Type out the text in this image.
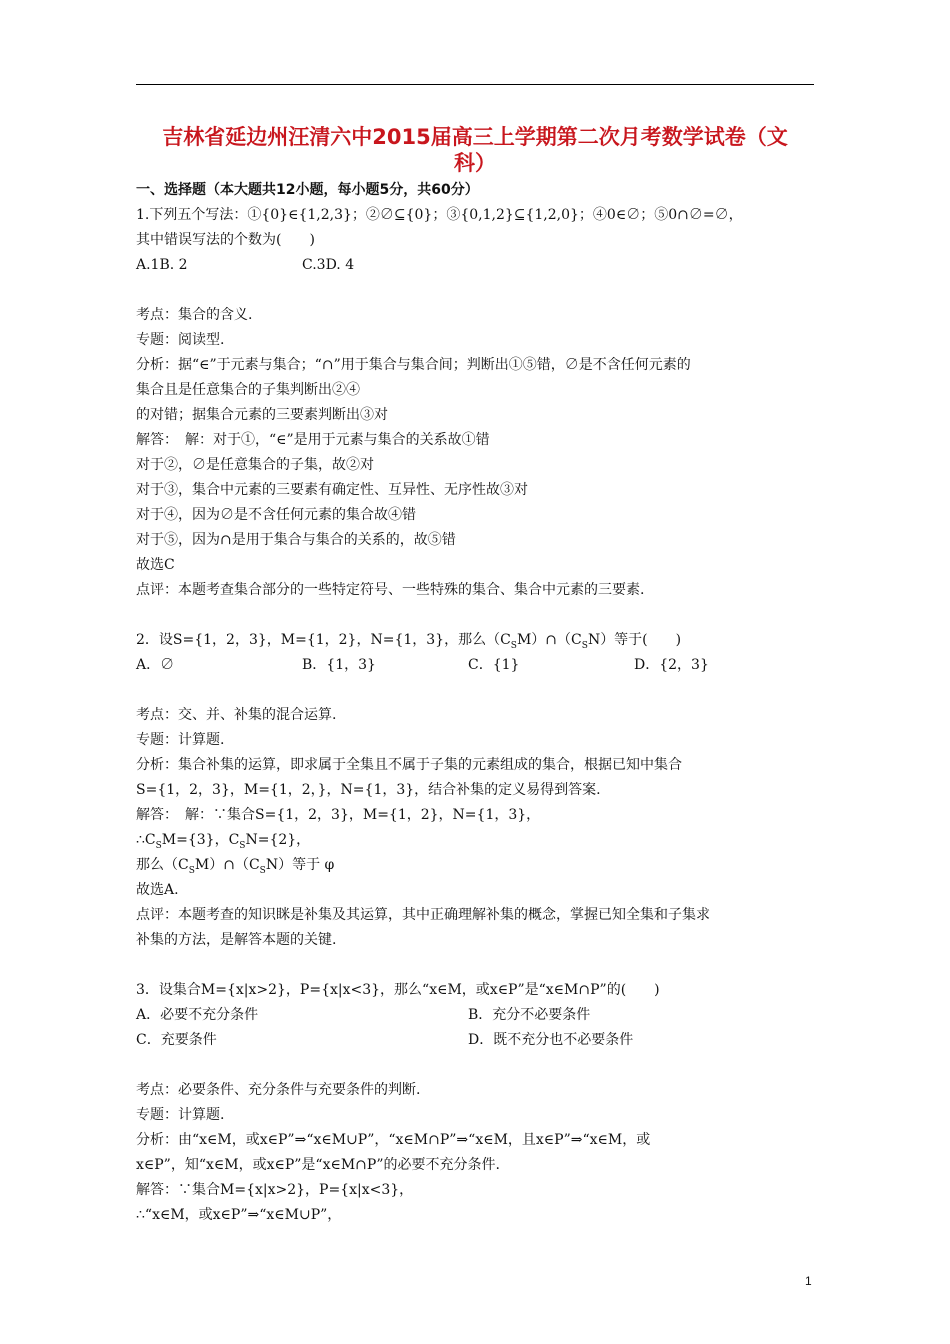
吉林省延边州汪清六中2015届高三上学期第二次月考数学试卷（文
科）
一、选择题（本大题共12小题，每小题5分，共60分）
1.下列五个写法：①{0}∈{1,2,3}；②∅⊆{0}；③{0,1,2}⊆{1,2,0}；④0∈∅；⑤0∩∅=∅，
其中错误写法的个数为(　　)
A.1B. 2	C.3D. 4
考点：集合的含义.
专题：阅读型.
分析：据“∈”于元素与集合；“∩”用于集合与集合间；判断出①⑤错，∅是不含任何元素的
集合且是任意集合的子集判断出②④
的对错；据集合元素的三要素判断出③对
解答：　解：对于①，“∈”是用于元素与集合的关系故①错
对于②，∅是任意集合的子集，故②对
对于③，集合中元素的三要素有确定性、互异性、无序性故③对
对于④，因为∅是不含任何元素的集合故④错
对于⑤，因为∩是用于集合与集合的关系的，故⑤错
故选C
点评：本题考查集合部分的一些特定符号、一些特殊的集合、集合中元素的三要素.
2．设S={1，2，3}，M={1，2}，N={1，3}，那么$(C_SM)\cap(C_SN)$等于(　　)
A．∅	B．{1，3}	C．{1}	D．{2，3}
考点：交、并、补集的混合运算.
专题：计算题.
分析：集合补集的运算，即求属于全集且不属于子集的元素组成的集合，根据已知中集合
S={1，2，3}，M={1，2，}，N={1，3}，结合补集的定义易得到答案.
解答：　解：∵集合S={1，2，3}，M={1，2}，N={1，3}，
$\therefore C_SM=\{3\}$，$C_SN=\{2\}$，
那么$(C_SM)\cap(C_SN)$等于 φ
故选A.
点评：本题考查的知识眯是补集及其运算，其中正确理解补集的概念，掌握已知全集和子集求
补集的方法，是解答本题的关键.
3．设集合M={x|x>2}，P={x|x<3}，那么“x∈M，或x∈P”是“x∈M∩P”的(　　)
A．必要不充分条件	B．充分不必要条件
C．充要条件	D．既不充分也不必要条件
考点：必要条件、充分条件与充要条件的判断.
专题：计算题.
分析：由“x∈M，或x∈P”⇒“x∈M∪P”，“x∈M∩P”⇒“x∈M，且x∈P”⇒“x∈M，或
x∈P”，知“x∈M，或x∈P”是“x∈M∩P”的必要不充分条件.
解答：∵集合M={x|x>2}，P={x|x<3}，
∴“x∈M，或x∈P”⇒“x∈M∪P”，
1
